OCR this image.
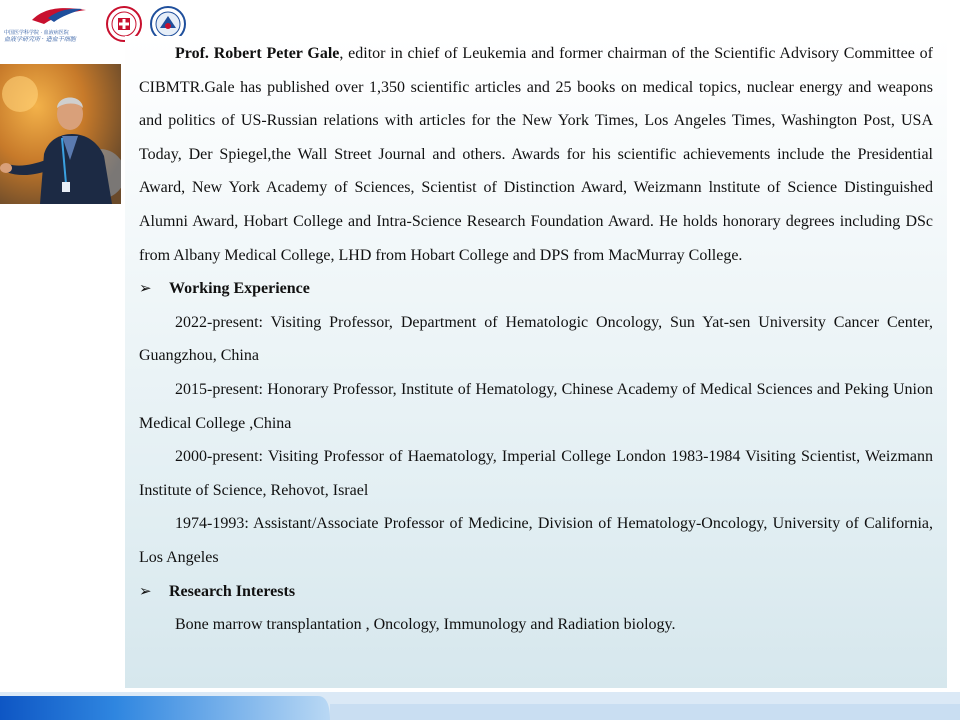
中国医学科学院 · 血液病医院
血液学研究所 · 造血干细胞

Prof. Robert Peter Gale, editor in chief of Leukemia and former chairman of the Scientific Advisory Committee of CIBMTR.Gale has published over 1,350 scientific articles and 25 books on medical topics, nuclear energy and weapons and politics of US-Russian relations with articles for the New York Times, Los Angeles Times, Washington Post, USA Today, Der Spiegel,the Wall Street Journal and others. Awards for his scientific achievements include the Presidential Award, New York Academy of Sciences, Scientist of Distinction Award, Weizmann lnstitute of Science Distinguished Alumni Award, Hobart College and Intra-Science Research Foundation Award. He holds honorary degrees including DSc from Albany Medical College, LHD from Hobart College and DPS from MacMurray College.

➢	Working Experience

2022-present: Visiting Professor, Department of Hematologic Oncology, Sun Yat-sen University Cancer Center, Guangzhou, China

2015-present: Honorary Professor, Institute of Hematology, Chinese Academy of Medical Sciences and Peking Union Medical College ,China

2000-present: Visiting Professor of Haematology, Imperial College London 1983-1984 Visiting Scientist, Weizmann Institute of Science, Rehovot, Israel

1974-1993: Assistant/Associate Professor of Medicine, Division of Hematology-Oncology, University of California, Los Angeles

➢	Research Interests

Bone marrow transplantation , Oncology, Immunology and Radiation biology.
